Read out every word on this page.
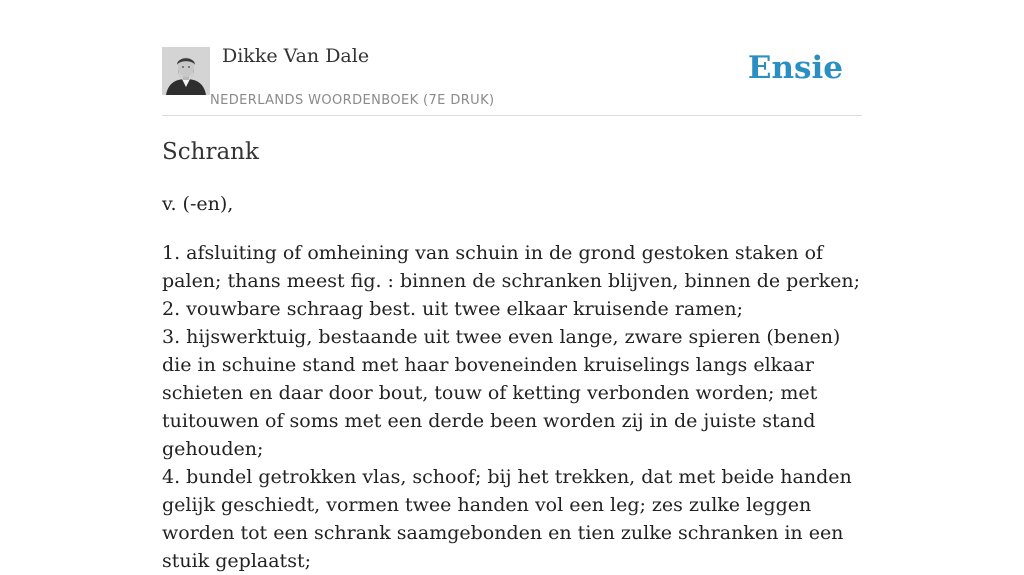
Dikke Van Dale
NEDERLANDS WOORDENBOEK (7E DRUK)
Ensie
Schrank

v. (-en),

1. afsluiting of omheining van schuin in de grond gestoken staken of palen; thans meest fig. : binnen de schranken blijven, binnen de perken;
2. vouwbare schraag best. uit twee elkaar kruisende ramen;
3. hijswerktuig, bestaande uit twee even lange, zware spieren (benen) die in schuine stand met haar boveneinden kruiselings langs elkaar schieten en daar door bout, touw of ketting verbonden worden; met tuitouwen of soms met een derde been worden zij in de juiste stand gehouden;
4. bundel getrokken vlas, schoof; bij het trekken, dat met beide handen gelijk geschiedt, vormen twee handen vol een leg; zes zulke leggen worden tot een schrank saamgebonden en tien zulke schranken in een stuik geplaatst;
